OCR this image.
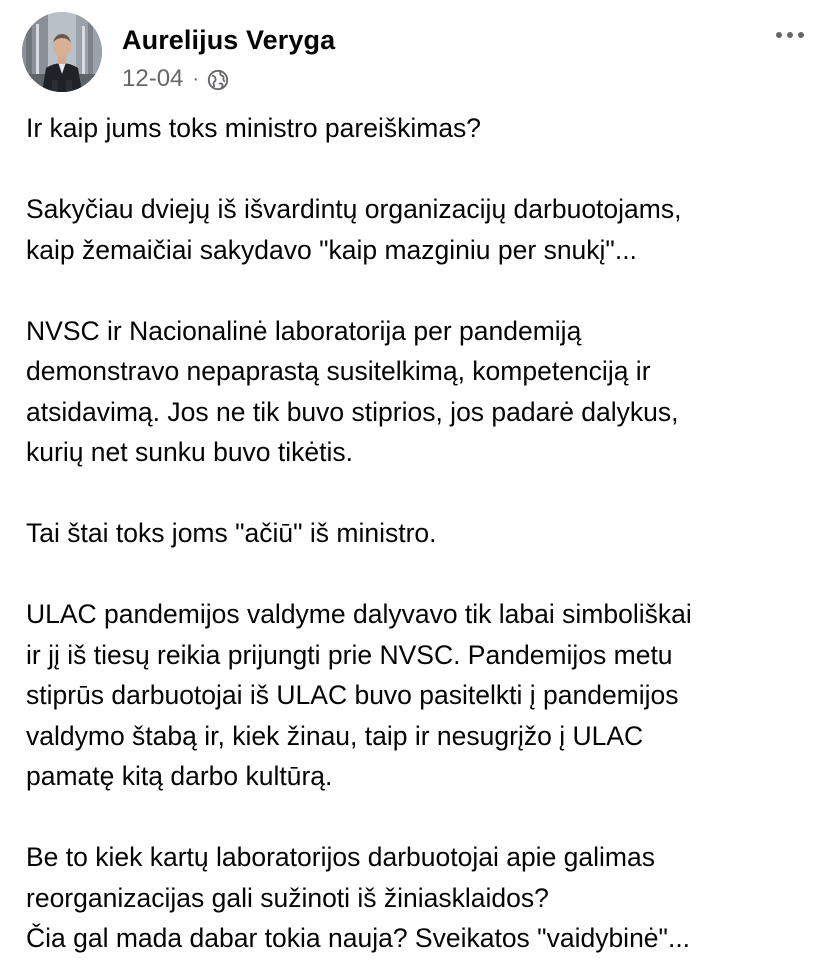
Aurelijus Veryga
12-04 ·

Ir kaip jums toks ministro pareiškimas?

Sakyčiau dviejų iš išvardintų organizacijų darbuotojams,
kaip žemaičiai sakydavo "kaip mazginiu per snukį"...

NVSC ir Nacionalinė laboratorija per pandemiją
demonstravo nepaprastą susitelkimą, kompetenciją ir
atsidavimą. Jos ne tik buvo stiprios, jos padarė dalykus,
kurių net sunku buvo tikėtis.

Tai štai toks joms "ačiū" iš ministro.

ULAC pandemijos valdyme dalyvavo tik labai simboliškai
ir jį iš tiesų reikia prijungti prie NVSC. Pandemijos metu
stiprūs darbuotojai iš ULAC buvo pasitelkti į pandemijos
valdymo štabą ir, kiek žinau, taip ir nesugrįžo į ULAC
pamatę kitą darbo kultūrą.

Be to kiek kartų laboratorijos darbuotojai apie galimas
reorganizacijas gali sužinoti iš žiniasklaidos?
Čia gal mada dabar tokia nauja? Sveikatos "vaidybinė"...
